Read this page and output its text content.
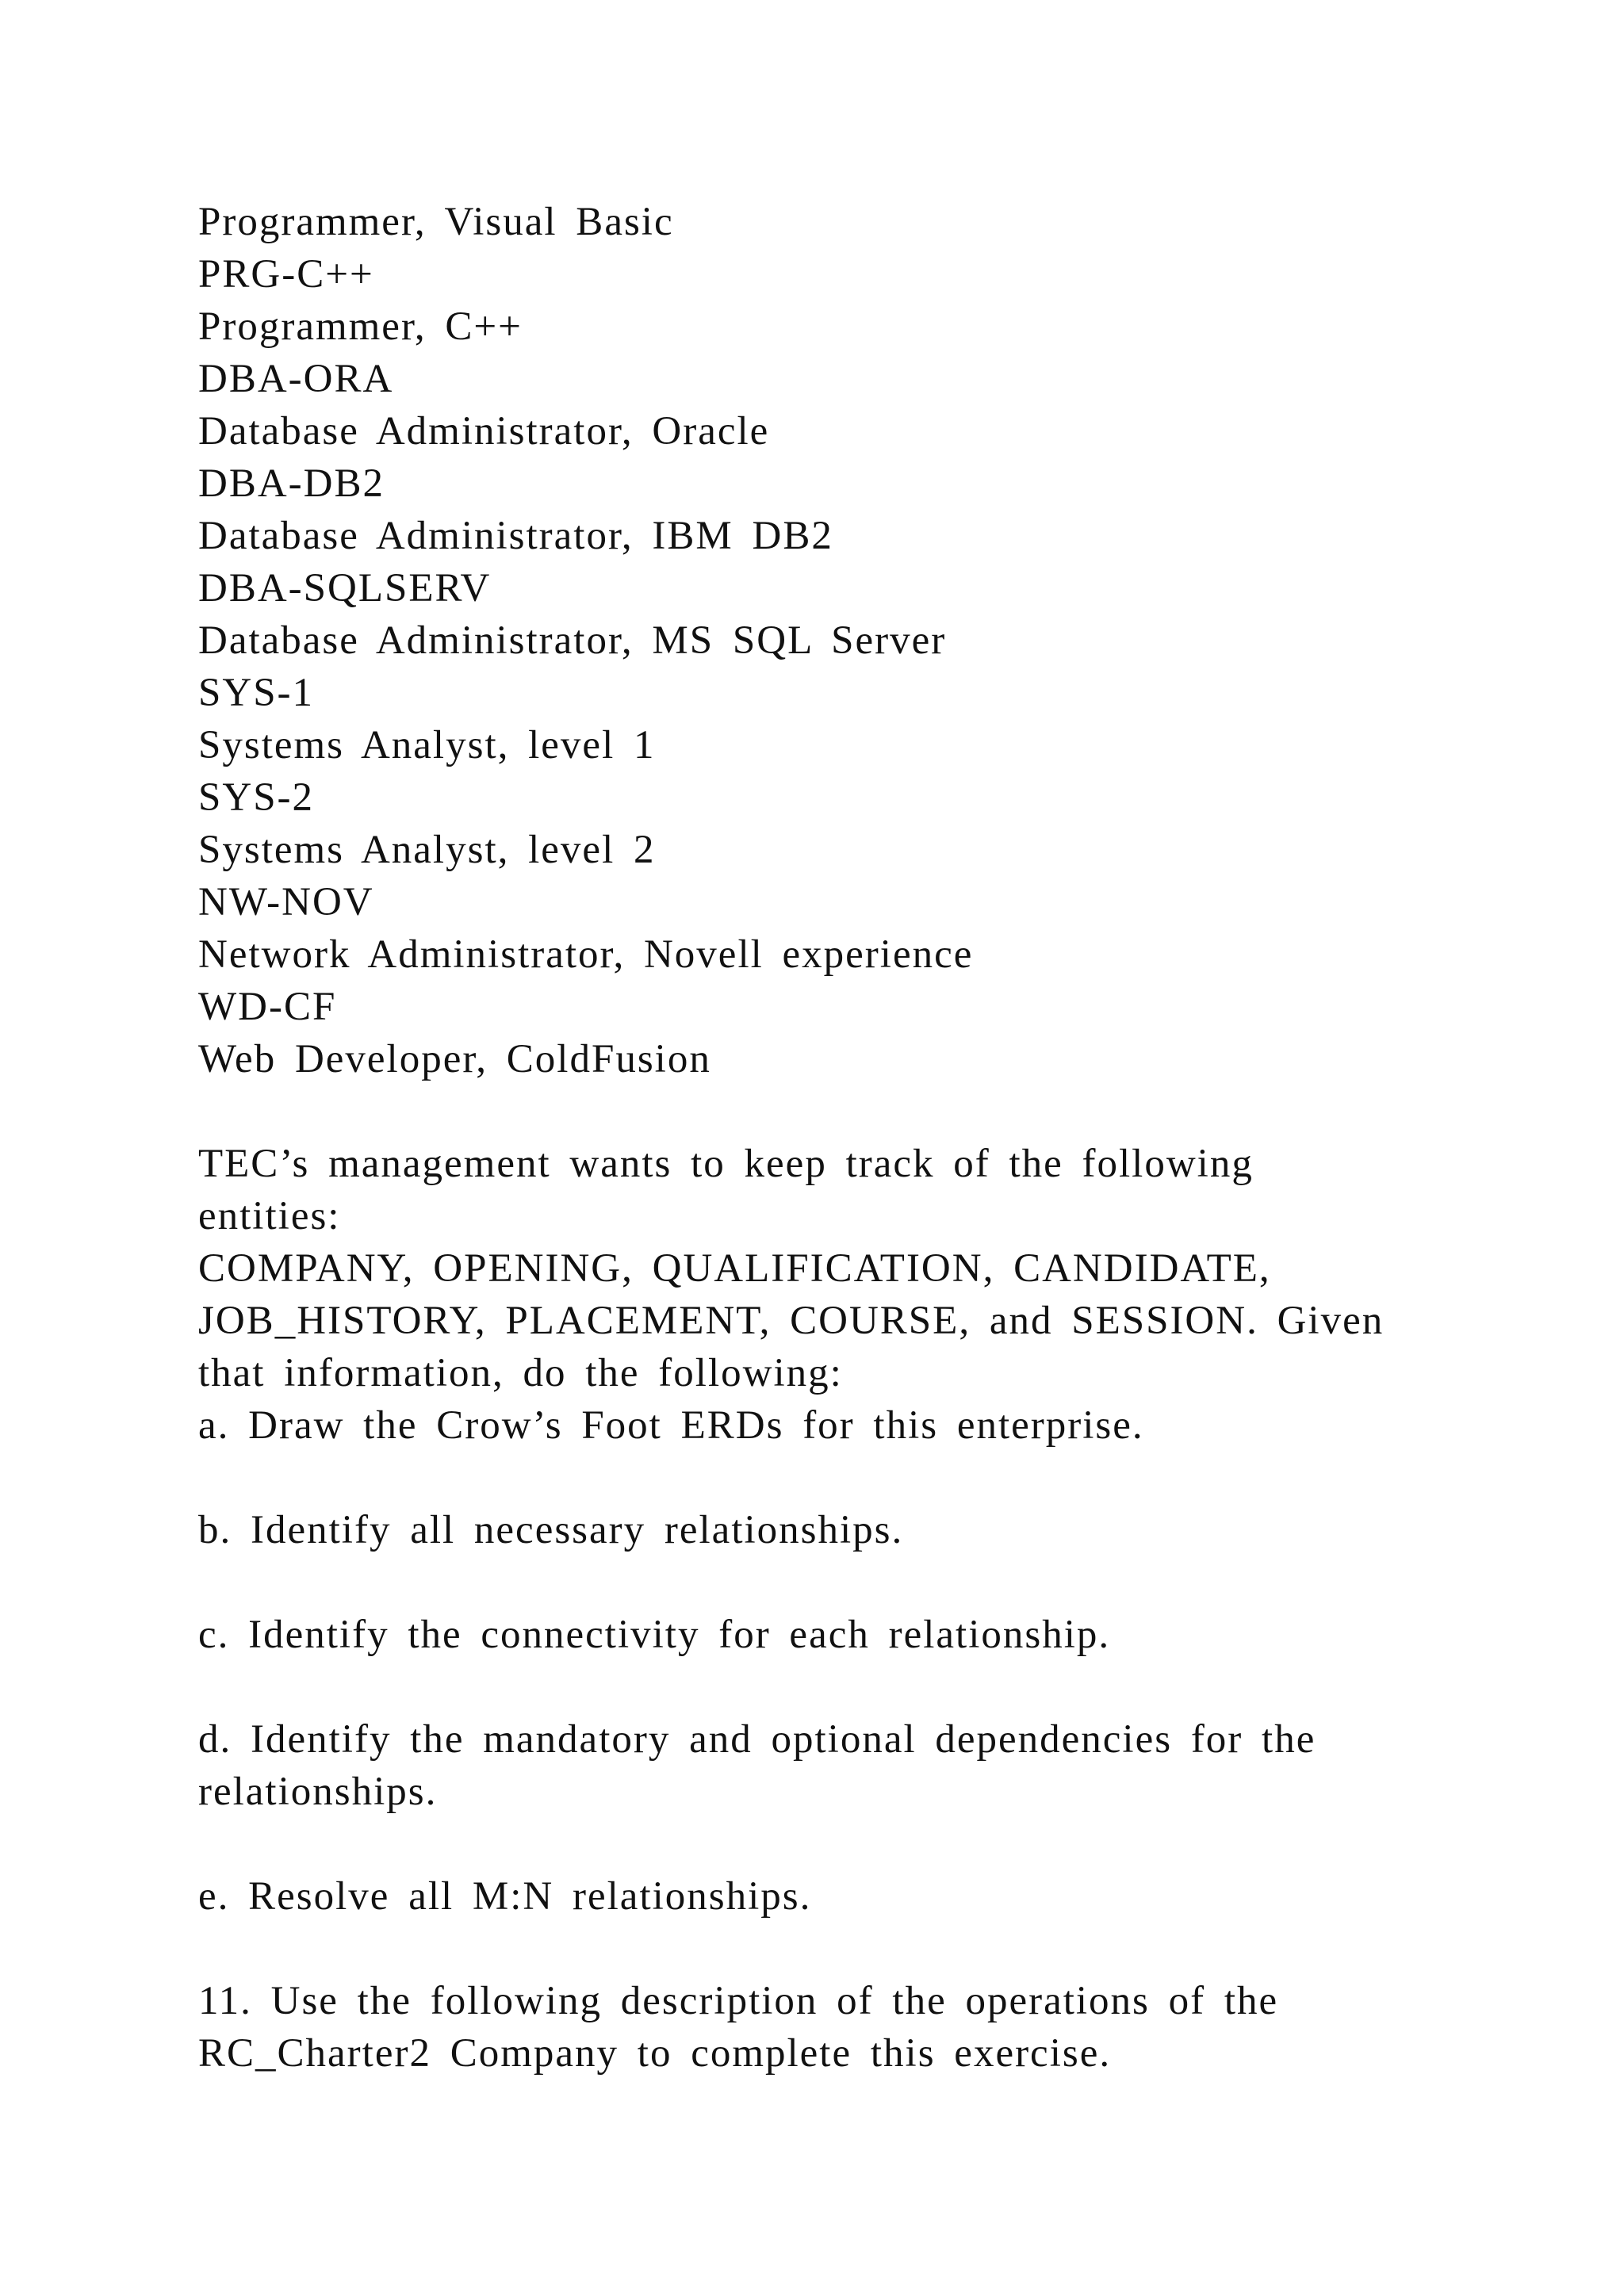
Programmer, Visual Basic
PRG-C++
Programmer, C++
DBA-ORA
Database Administrator, Oracle
DBA-DB2
Database Administrator, IBM DB2
DBA-SQLSERV
Database Administrator, MS SQL Server
SYS-1
Systems Analyst, level 1
SYS-2
Systems Analyst, level 2
NW-NOV
Network Administrator, Novell experience
WD-CF
Web Developer, ColdFusion
TEC’s management wants to keep track of the following
entities:
COMPANY, OPENING, QUALIFICATION, CANDIDATE,
JOB_HISTORY, PLACEMENT, COURSE, and SESSION. Given
that information, do the following:
a. Draw the Crow’s Foot ERDs for this enterprise.
b. Identify all necessary relationships.
c. Identify the connectivity for each relationship.
d. Identify the mandatory and optional dependencies for the
relationships.
e. Resolve all M:N relationships.
11. Use the following description of the operations of the
RC_Charter2 Company to complete this exercise.
